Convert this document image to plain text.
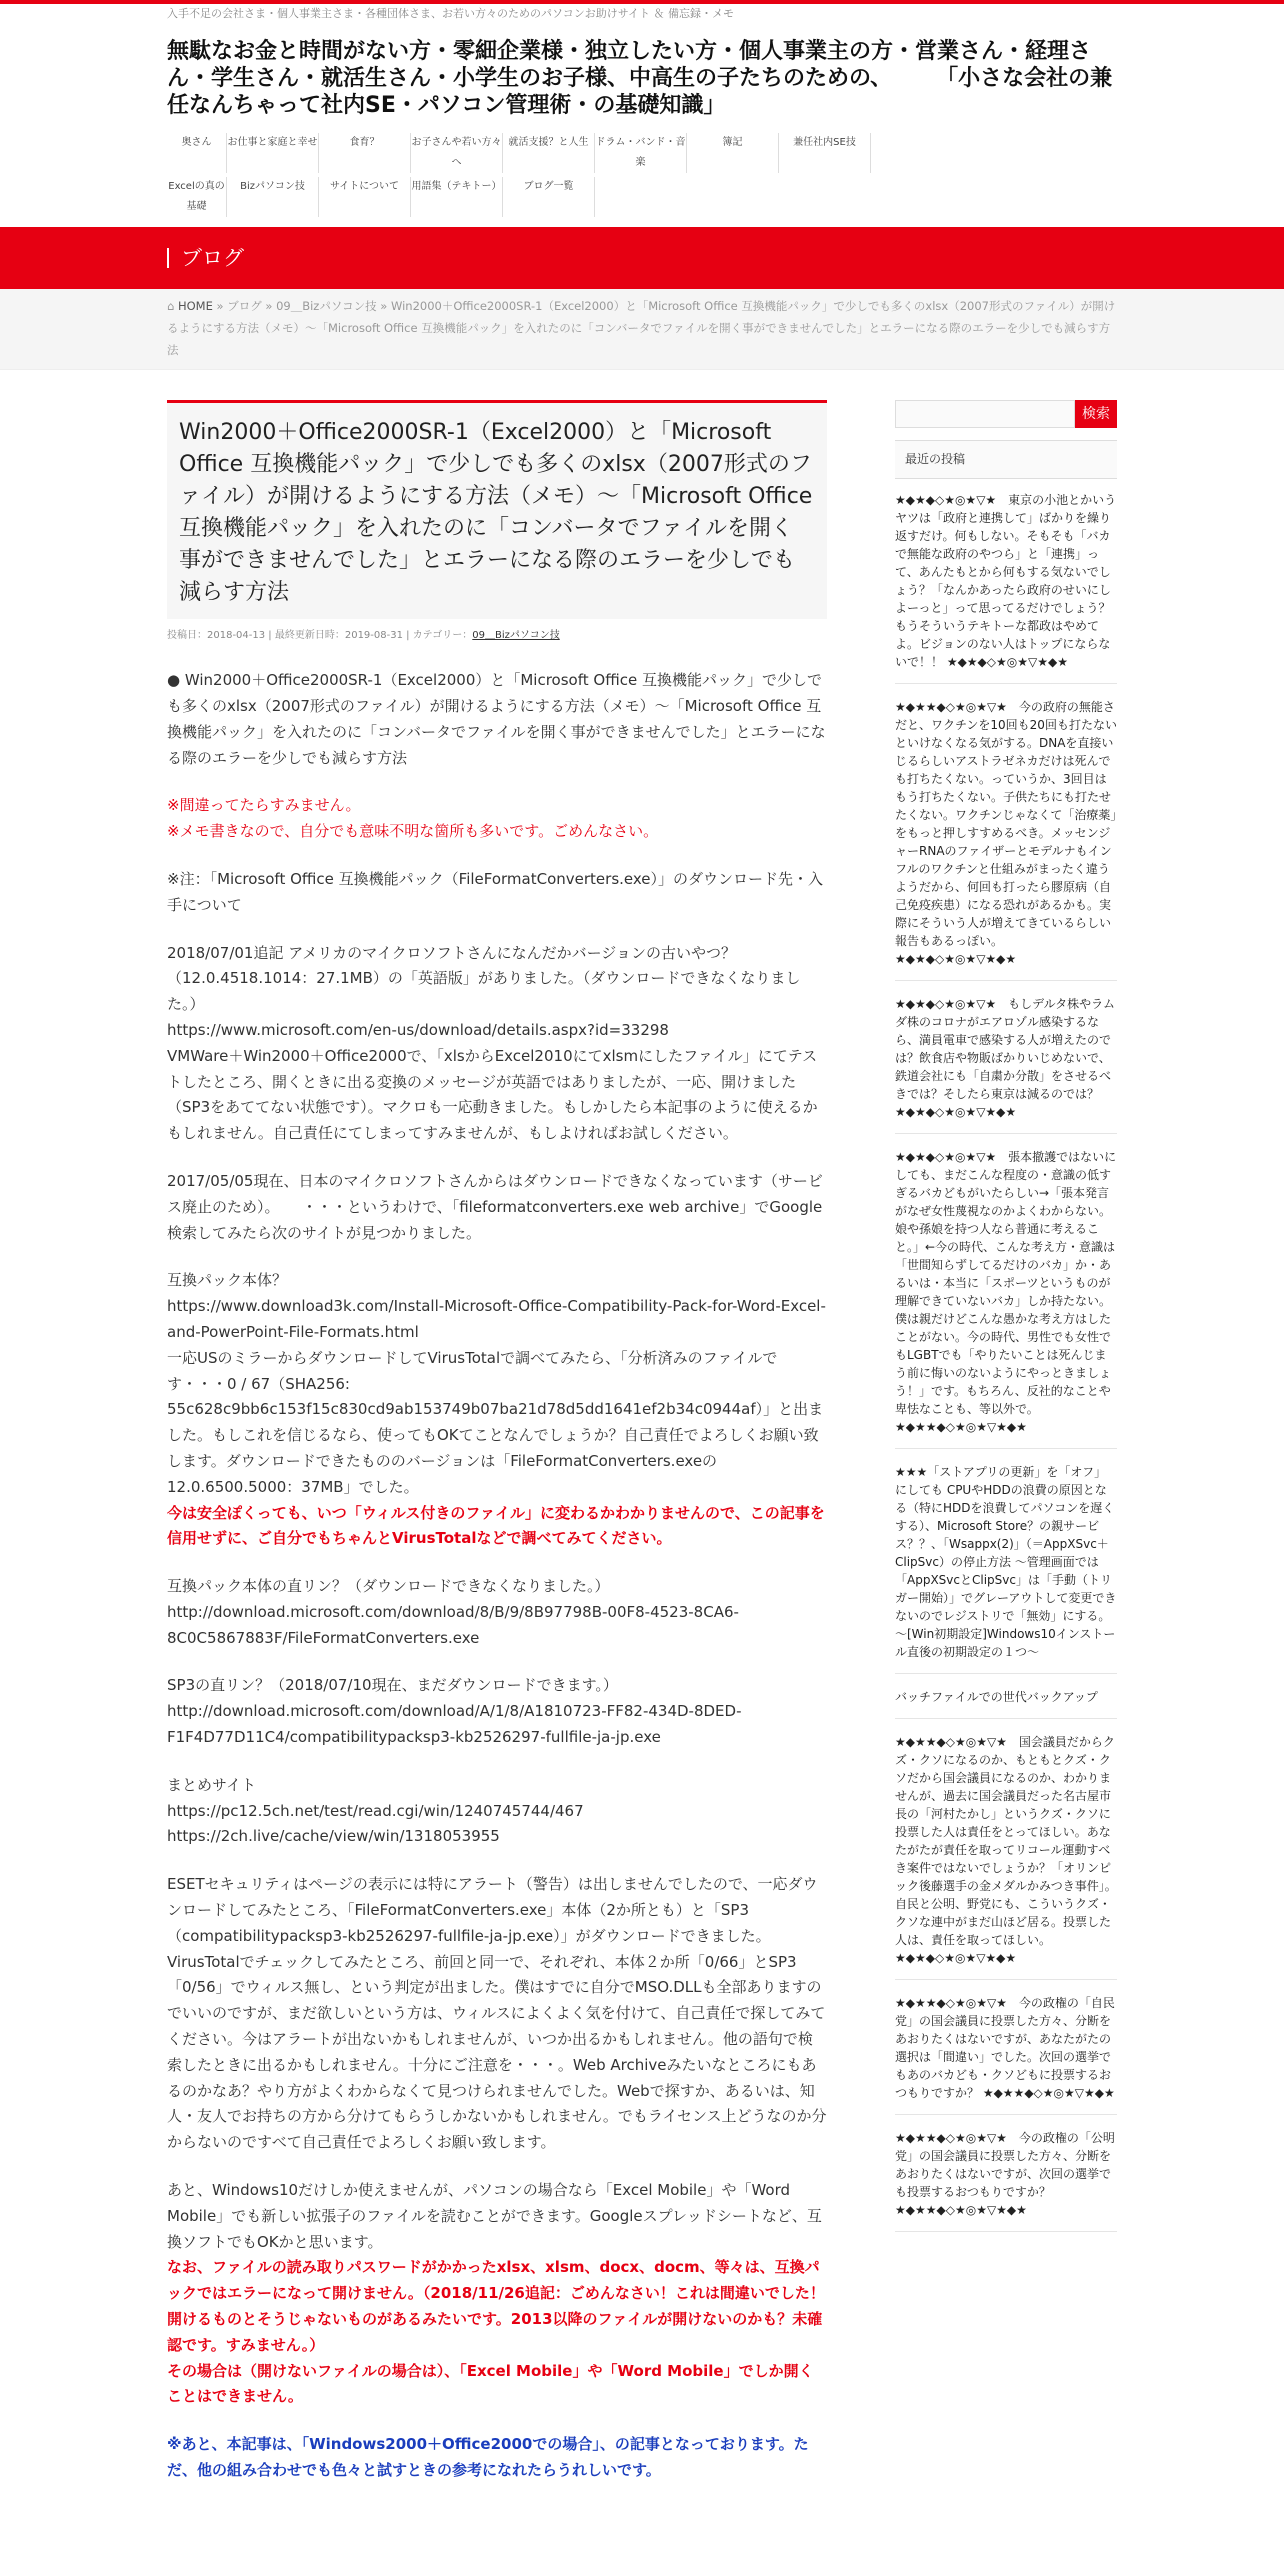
入手不足の会社さま・個人事業主さま・各種団体さま、お若い方々のためのパソコンお助けサイト ＆ 備忘録・メモ
無駄なお金と時間がない方・零細企業様・独立したい方・個人事業主の方・営業さん・経理さん・学生さん・就活生さん・小学生のお子様、中高生の子たちのための、　　　「小さな会社の兼任なんちゃって社内SE・パソコン管理術・の基礎知識」
奥さん	お仕事と家庭と幸せ	食育？	お子さんや若い方々へ
就活支援？と人生 ドラム・バンド・音楽
簿記	兼任社内SE技
Excelの真の基礎
Bizパソコン技	サイトについて	用語集（テキトー）	ブログ一覧
ブログ
⌂ HOME » ブログ » 09＿Bizパソコン技 » Win2000＋Office2000SR-1（Excel2000）と「Microsoft Office 互換機能パック」で少しでも多くのxlsx（2007形式のファイル）が開けるようにする方法（メモ）～「Microsoft Office 互換機能パック」を入れたのに「コンバータでファイルを開く事ができませんでした」とエラーになる際のエラーを少しでも減らす方法
Win2000＋Office2000SR-1（Excel2000）と「Microsoft Office 互換機能パック」で少しでも多くのxlsx（2007形式のファイル）が開けるようにする方法（メモ）～「Microsoft Office 互換機能パック」を入れたのに「コンバータでファイルを開く事ができませんでした」とエラーになる際のエラーを少しでも減らす方法
投稿日：2018-04-13 | 最終更新日時：2019-08-31 | カテゴリー：09＿Bizパソコン技

● Win2000＋Office2000SR-1（Excel2000）と「Microsoft Office 互換機能パック」で少しでも多くのxlsx（2007形式のファイル）が開けるようにする方法（メモ）～「Microsoft Office 互換機能パック」を入れたのに「コンバータでファイルを開く事ができませんでした」とエラーになる際のエラーを少しでも減らす方法

※間違ってたらすみません。
※メモ書きなので、自分でも意味不明な箇所も多いです。ごめんなさい。

※注：「Microsoft Office 互換機能パック（FileFormatConverters.exe）」のダウンロード先・入手について

2018/07/01追記 アメリカのマイクロソフトさんになんだかバージョンの古いやつ？（12.0.4518.1014：27.1MB）の「英語版」がありました。（ダウンロードできなくなりました。）
https://www.microsoft.com/en-us/download/details.aspx?id=33298
VMWare＋Win2000＋Office2000で、「xlsからExcel2010にてxlsmにしたファイル」にてテストしたところ、開くときに出る変換のメッセージが英語ではありましたが、一応、開けました（SP3をあててない状態です）。マクロも一応動きました。もしかしたら本記事のように使えるかもしれません。自己責任にてしまってすみませんが、もしよければお試しください。

2017/05/05現在、日本のマイクロソフトさんからはダウンロードできなくなっています（サービス廃止のため）。　　・・・というわけで、「fileformatconverters.exe web archive」でGoogle検索してみたら次のサイトが見つかりました。

互換パック本体？
https://www.download3k.com/Install-Microsoft-Office-Compatibility-Pack-for-Word-Excel-and-PowerPoint-File-Formats.html
一応USのミラーからダウンロードしてVirusTotalで調べてみたら、「分析済みのファイルです・・・0 / 67（SHA256: 55c628c9bb6c153f15c830cd9ab153749b07ba21d78d5dd1641ef2b34c0944af）」と出ました。もしこれを信じるなら、使ってもOKてことなんでしょうか？自己責任でよろしくお願い致します。ダウンロードできたもののバージョンは「FileFormatConverters.exeの12.0.6500.5000：37MB」でした。
今は安全ぽくっても、いつ「ウィルス付きのファイル」に変わるかわかりませんので、この記事を信用せずに、ご自分でもちゃんとVirusTotalなどで調べてみてください。

互換パック本体の直リン？（ダウンロードできなくなりました。）
http://download.microsoft.com/download/8/B/9/8B97798B-00F8-4523-8CA6-8C0C5867883F/FileFormatConverters.exe

SP3の直リン？（2018/07/10現在、まだダウンロードできます。）
http://download.microsoft.com/download/A/1/8/A1810723-FF82-434D-8DED-F1F4D77D11C4/compatibilitypacksp3-kb2526297-fullfile-ja-jp.exe

まとめサイト
https://pc12.5ch.net/test/read.cgi/win/1240745744/467
https://2ch.live/cache/view/win/1318053955

ESETセキュリティはページの表示には特にアラート（警告）は出しませんでしたので、一応ダウンロードしてみたところ、「FileFormatConverters.exe」本体（2か所とも）と「SP3（compatibilitypacksp3-kb2526297-fullfile-ja-jp.exe）」がダウンロードできました。VirusTotalでチェックしてみたところ、前回と同一で、それぞれ、本体２か所「0/66」とSP3「0/56」でウィルス無し、という判定が出ました。僕はすでに自分でMSO.DLLも全部ありますのでいいのですが、まだ欲しいという方は、ウィルスによくよく気を付けて、自己責任で探してみてください。今はアラートが出ないかもしれませんが、いつか出るかもしれません。他の語句で検索したときに出るかもしれません。十分にご注意を・・・。Web Archiveみたいなところにもあるのかなあ？やり方がよくわからなくて見つけられませんでした。Webで探すか、あるいは、知人・友人でお持ちの方から分けてもらうしかないかもしれません。でもライセンス上どうなのか分からないのですべて自己責任でよろしくお願い致します。

あと、Windows10だけしか使えませんが、パソコンの場合なら「Excel Mobile」や「Word Mobile」でも新しい拡張子のファイルを読むことができます。Googleスプレッドシートなど、互換ソフトでもOKかと思います。
なお、ファイルの読み取りパスワードがかかったxlsx、xlsm、docx、docm、等々は、互換パックではエラーになって開けません。（2018/11/26追記：ごめんなさい！これは間違いでした！開けるものとそうじゃないものがあるみたいです。2013以降のファイルが開けないのかも？未確認です。すみません。）
その場合は（開けないファイルの場合は）、「Excel Mobile」や「Word Mobile」でしか開くことはできません。

※あと、本記事は、「Windows2000＋Office2000での場合」、の記事となっております。ただ、他の組み合わせでも色々と試すときの参考になれたらうれしいです。

検索
最近の投稿
★◆★◆◇★◎★▽★　東京の小池とかいうヤツは「政府と連携して」ばかりを繰り返すだけ。何もしない。そもそも「バカで無能な政府のやつら」と「連携」って、あんたもとから何もする気ないでしょう？「なんかあったら政府のせいにしよーっと」って思ってるだけでしょう？もうそういうテキトーな都政はやめてよ。ビジョンのない人はトップにならないで！！ ★◆★◆◇★◎★▽★◆★
★◆★★◆◇★◎★▽★　今の政府の無能さだと、ワクチンを10回も20回も打たないといけなくなる気がする。DNAを直接いじるらしいアストラゼネカだけは死んでも打ちたくない。っていうか、3回目はもう打ちたくない。子供たちにも打たせたくない。ワクチンじゃなくて「治療薬」をもっと押しすすめるべき。メッセンジャーRNAのファイザーとモデルナもインフルのワクチンと仕組みがまったく違うようだから、何回も打ったら膠原病（自己免疫疾患）になる恐れがあるかも。実際にそういう人が増えてきているらしい報告もあるっぽい。 ★◆★◆◇★◎★▽★◆★
★◆★◆◇★◎★▽★　もしデルタ株やラムダ株のコロナがエアロゾル感染するなら、満員電車で感染する人が増えたのでは？飲食店や物販ばかりいじめないで、鉄道会社にも「自粛か分散」をさせるべきでは？そしたら東京は減るのでは？ ★◆★◆◇★◎★▽★◆★
★◆★◆◇★◎★▽★　張本撤護ではないにしても、まだこんな程度の・意識の低すぎるバカどもがいたらしい→「張本発言がなぜ女性蔑視なのかよくわからない。娘や孫娘を持つ人なら普通に考えること。」←今の時代、こんな考え方・意識は「世間知らずしてるだけのバカ」か・あるいは・本当に「スポーツというものが理解できていないバカ」しか持たない。僕は親だけどこんな愚かな考え方はしたことがない。今の時代、男性でも女性でもLGBTでも「やりたいことは死んじまう前に悔いのないようにやっときましょう！」です。もちろん、反社的なことや卑怯なことも、等以外で。 ★◆★★◆◇★◎★▽★◆★
★★★「ストアプリの更新」を「オフ」にしても CPUやHDDの浪費の原因となる（特にHDDを浪費してパソコンを遅くする）、Microsoft Store？の親サービス？？、「Wsappx(2)」（＝AppXSvc＋ClipSvc）の停止方法 ～管理画面では「AppXSvcとClipSvc」は「手動（トリガー開始）」でグレーアウトして変更できないのでレジストリで「無効」にする。～[Win初期設定]Windows10インストール直後の初期設定の１つ～
バッチファイルでの世代バックアップ
★◆★★◆◇★◎★▽★　国会議員だからクズ・クソになるのか、もともとクズ・クソだから国会議員になるのか、わかりませんが、過去に国会議員だった名古屋市長の「河村たかし」というクズ・クソに投票した人は責任をとってほしい。あなたがたが責任を取ってリコール運動すべき案件ではないでしょうか？「オリンピック後藤選手の金メダルかみつき事件」。自民と公明、野党にも、こういうクズ・クソな連中がまだ山ほど居る。投票した人は、責任を取ってほしい。 ★◆★◆◇★◎★▽★◆★
★◆★★◆◇★◎★▽★　今の政権の「自民党」の国会議員に投票した方々、分断をあおりたくはないですが、あなたがたの選択は「間違い」でした。次回の選挙でもあのバカども・クソどもに投票するおつもりですか？ ★◆★★◆◇★◎★▽★◆★
★◆★★◆◇★◎★▽★　今の政権の「公明党」の国会議員に投票した方々、分断をあおりたくはないですが、次回の選挙でも投票するおつもりですか？ ★◆★★◆◇★◎★▽★◆★
